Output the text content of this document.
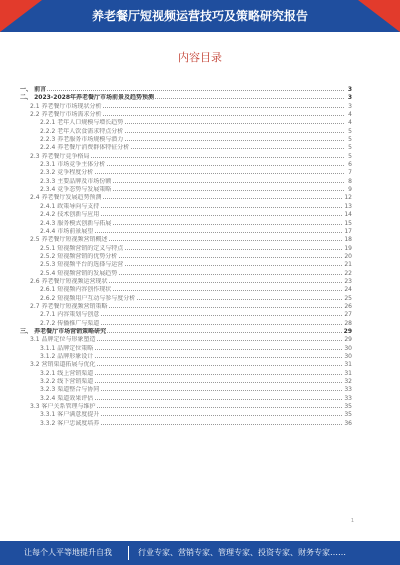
养老餐厅短视频运营技巧及策略研究报告
内容目录
一、 前言	3
二、 2023-2028年养老餐厅市场前景及趋势预测	3
2.1 养老餐厅市场现状分析	3
2.2 养老餐厅市场需求分析	4
2.2.1 老年人口规模与增长趋势	4
2.2.2 老年人饮食需求特点分析	5
2.2.3 养老服务市场规模与潜力	5
2.2.4 养老餐厅消费群体特征分析	5
2.3 养老餐厅竞争格局	5
2.3.1 市场竞争主体分析	6
2.3.2 竞争程度分析	7
2.3.3 主要品牌及市场份额	8
2.3.4 竞争态势与发展策略	9
2.4 养老餐厅发展趋势预测	12
2.4.1 政策导向与支持	13
2.4.2 技术创新与应用	14
2.4.3 服务模式创新与拓展	15
2.4.4 市场前景展望	17
2.5 养老餐厅短视频营销概述	18
2.5.1 短视频营销的定义与特点	19
2.5.2 短视频营销的优势分析	20
2.5.3 短视频平台的选择与运营	21
2.5.4 短视频营销的发展趋势	22
2.6 养老餐厅短视频运营现状	23
2.6.1 短视频内容创作现状	24
2.6.2 短视频用户互动与参与度分析	25
2.7 养老餐厅短视频营销策略	26
2.7.1 内容策划与创意	27
2.7.2 传播推广与渠道	28
三、 养老餐厅市场营销策略研究	29
3.1 品牌定位与形象塑造	29
3.1.1 品牌定位策略	30
3.1.2 品牌形象设计	30
3.2 营销渠道拓展与优化	31
3.2.1 线上营销渠道	31
3.2.2 线下营销渠道	32
3.2.3 渠道整合与协同	33
3.2.4 渠道效果评估	33
3.3 客户关系管理与维护	35
3.3.1 客户满意度提升	35
3.3.2 客户忠诚度培养	36
1
让每个人平等地提升自我	行业专家、营销专家、管理专家、投资专家、财务专家……
